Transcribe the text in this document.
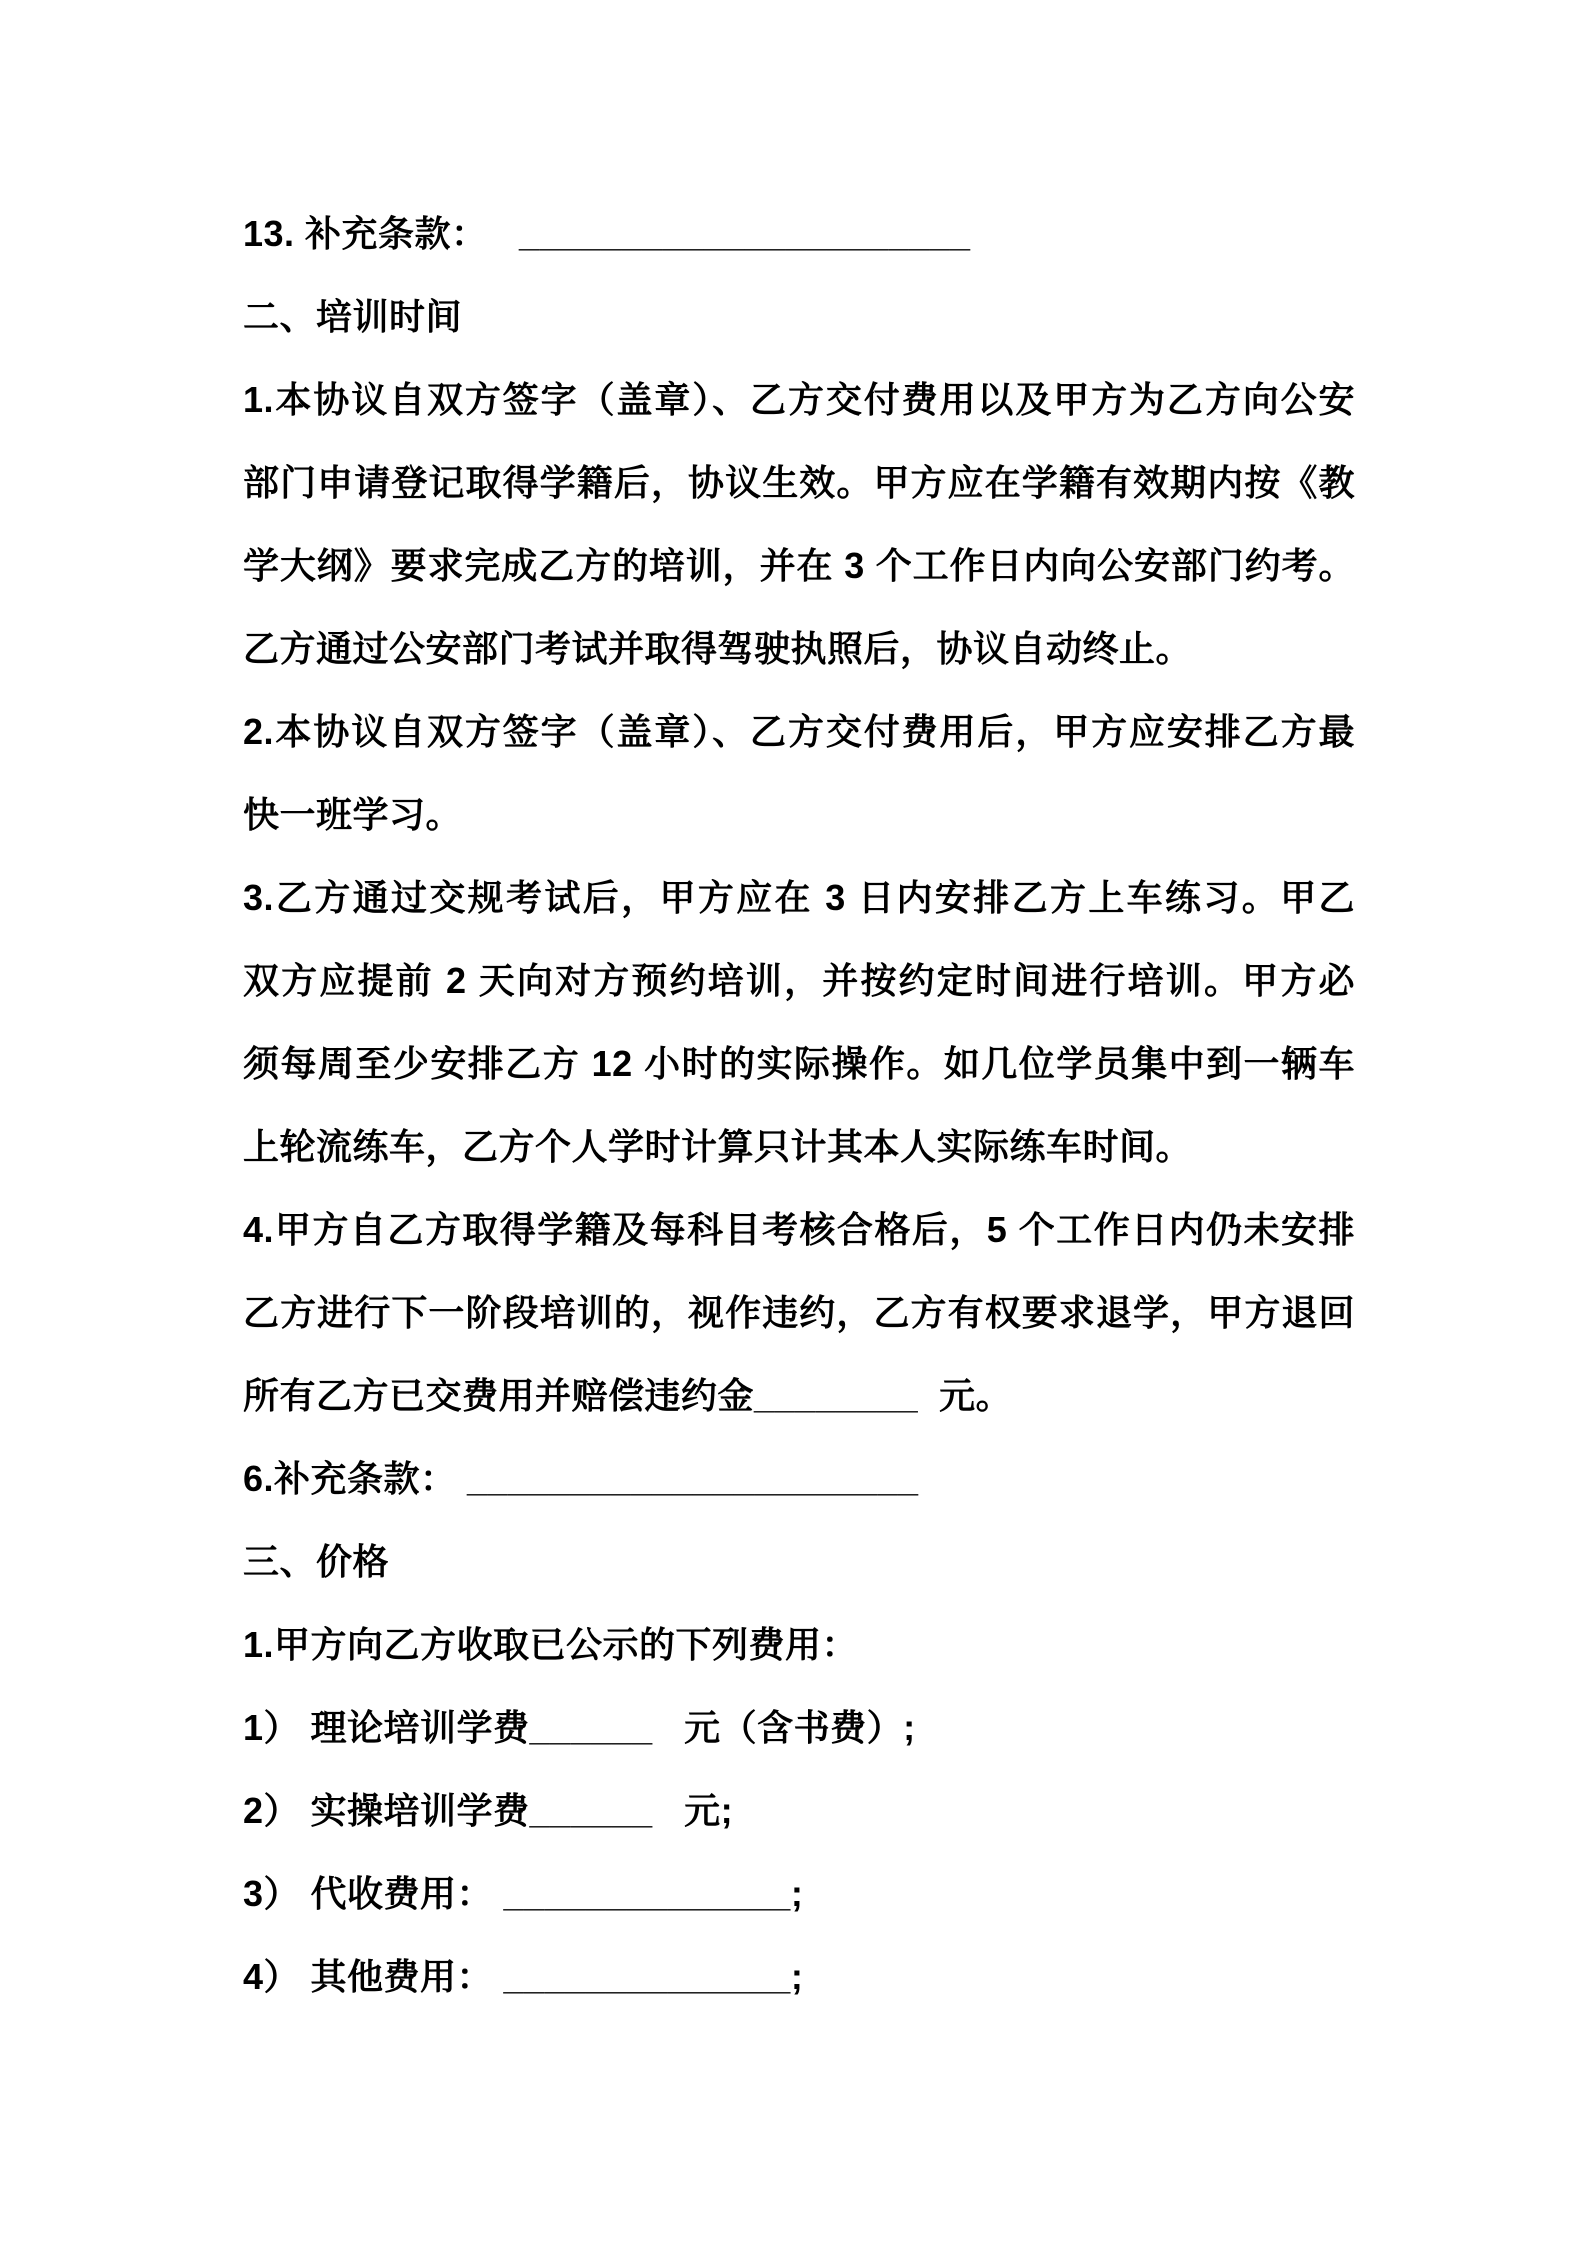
13. 补充条款：   ______________________
二、培训时间
1.本协议自双方签字（盖章）、乙方交付费用以及甲方为乙方向公安
部门申请登记取得学籍后，协议生效。甲方应在学籍有效期内按《教
学大纲》要求完成乙方的培训，并在 3 个工作日内向公安部门约考。
乙方通过公安部门考试并取得驾驶执照后，协议自动终止。
2.本协议自双方签字（盖章）、乙方交付费用后，甲方应安排乙方最
快一班学习。
3.乙方通过交规考试后，甲方应在 3 日内安排乙方上车练习。甲乙
双方应提前 2 天向对方预约培训，并按约定时间进行培训。甲方必
须每周至少安排乙方 12 小时的实际操作。如几位学员集中到一辆车
上轮流练车，乙方个人学时计算只计其本人实际练车时间。
4.甲方自乙方取得学籍及每科目考核合格后，5 个工作日内仍未安排
乙方进行下一阶段培训的，视作违约，乙方有权要求退学，甲方退回
所有乙方已交费用并赔偿违约金________  元。
6.补充条款： ______________________
三、价格
1.甲方向乙方收取已公示的下列费用：
1） 理论培训学费______   元（含书费）;
2） 实操培训学费______   元;
3） 代收费用： ______________;
4） 其他费用： ______________;
